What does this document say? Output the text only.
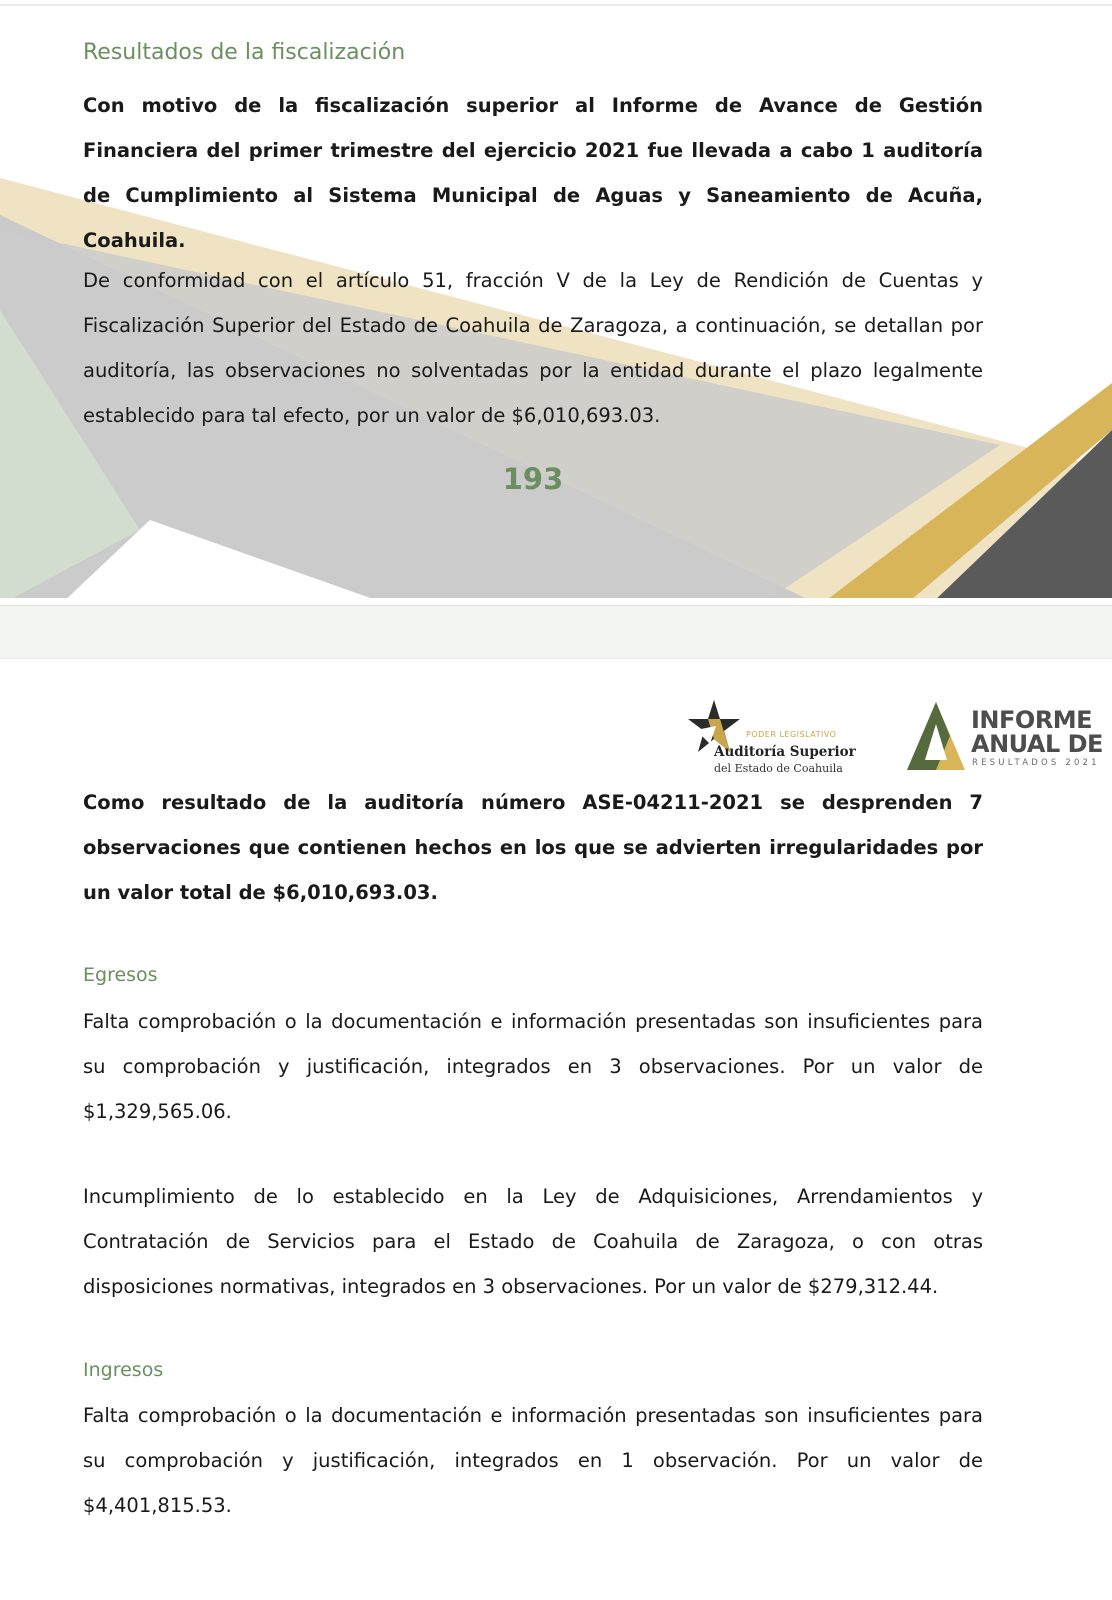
Resultados de la fiscalización

Con motivo de la fiscalización superior al Informe de Avance de Gestión Financiera del primer trimestre del ejercicio 2021 fue llevada a cabo 1 auditoría de Cumplimiento al Sistema Municipal de Aguas y Saneamiento de Acuña, Coahuila.

De conformidad con el artículo 51, fracción V de la Ley de Rendición de Cuentas y Fiscalización Superior del Estado de Coahuila de Zaragoza, a continuación, se detallan por auditoría, las observaciones no solventadas por la entidad durante el plazo legalmente establecido para tal efecto, por un valor de $6,010,693.03.

193
PODER LEGISLATIVO
Auditoría Superior
del Estado de Coahuila
INFORME
ANUAL DE
RESULTADOS 2021

Como resultado de la auditoría número ASE-04211-2021 se desprenden 7 observaciones que contienen hechos en los que se advierten irregularidades por un valor total de $6,010,693.03.

Egresos

Falta comprobación o la documentación e información presentadas son insuficientes para su comprobación y justificación, integrados en 3 observaciones. Por un valor de $1,329,565.06.

Incumplimiento de lo establecido en la Ley de Adquisiciones, Arrendamientos y Contratación de Servicios para el Estado de Coahuila de Zaragoza, o con otras disposiciones normativas, integrados en 3 observaciones. Por un valor de $279,312.44.

Ingresos

Falta comprobación o la documentación e información presentadas son insuficientes para su comprobación y justificación, integrados en 1 observación. Por un valor de $4,401,815.53.
